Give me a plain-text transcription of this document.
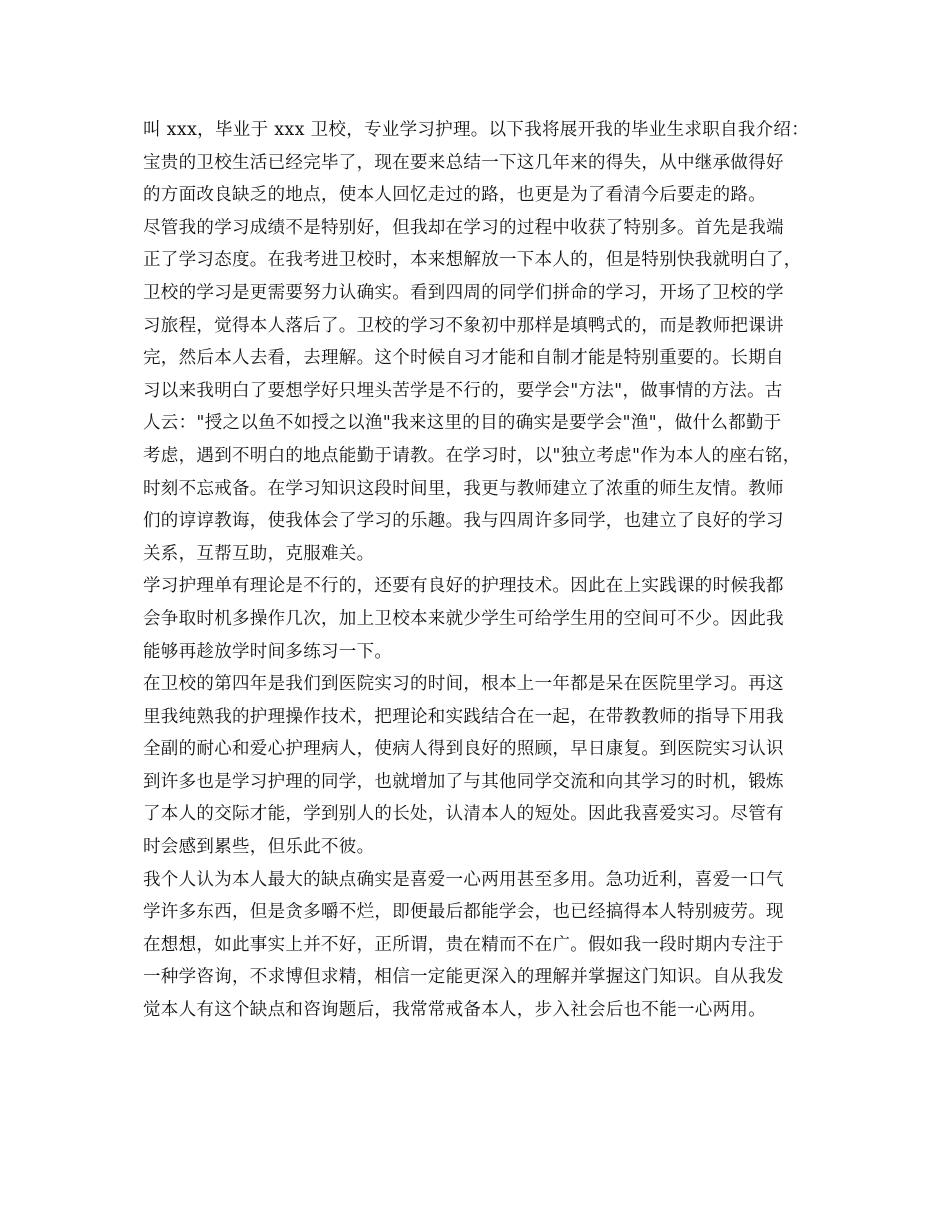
叫 xxx，毕业于 xxx 卫校，专业学习护理。以下我将展开我的毕业生求职自我介绍：
宝贵的卫校生活已经完毕了，现在要来总结一下这几年来的得失，从中继承做得好
的方面改良缺乏的地点，使本人回忆走过的路，也更是为了看清今后要走的路。
尽管我的学习成绩不是特别好，但我却在学习的过程中收获了特别多。首先是我端
正了学习态度。在我考进卫校时，本来想解放一下本人的，但是特别快我就明白了，
卫校的学习是更需要努力认确实。看到四周的同学们拼命的学习，开场了卫校的学
习旅程，觉得本人落后了。卫校的学习不象初中那样是填鸭式的，而是教师把课讲
完，然后本人去看，去理解。这个时候自习才能和自制才能是特别重要的。长期自
习以来我明白了要想学好只埋头苦学是不行的，要学会"方法"，做事情的方法。古
人云："授之以鱼不如授之以渔"我来这里的目的确实是要学会"渔"，做什么都勤于
考虑，遇到不明白的地点能勤于请教。在学习时，以"独立考虑"作为本人的座右铭，
时刻不忘戒备。在学习知识这段时间里，我更与教师建立了浓重的师生友情。教师
们的谆谆教诲，使我体会了学习的乐趣。我与四周许多同学，也建立了良好的学习
关系，互帮互助，克服难关。
学习护理单有理论是不行的，还要有良好的护理技术。因此在上实践课的时候我都
会争取时机多操作几次，加上卫校本来就少学生可给学生用的空间可不少。因此我
能够再趁放学时间多练习一下。
在卫校的第四年是我们到医院实习的时间，根本上一年都是呆在医院里学习。再这
里我纯熟我的护理操作技术，把理论和实践结合在一起，在带教教师的指导下用我
全副的耐心和爱心护理病人，使病人得到良好的照顾，早日康复。到医院实习认识
到许多也是学习护理的同学，也就增加了与其他同学交流和向其学习的时机，锻炼
了本人的交际才能，学到别人的长处，认清本人的短处。因此我喜爱实习。尽管有
时会感到累些，但乐此不彼。
我个人认为本人最大的缺点确实是喜爱一心两用甚至多用。急功近利，喜爱一口气
学许多东西，但是贪多嚼不烂，即便最后都能学会，也已经搞得本人特别疲劳。现
在想想，如此事实上并不好，正所谓，贵在精而不在广。假如我一段时期内专注于
一种学咨询，不求博但求精，相信一定能更深入的理解并掌握这门知识。自从我发
觉本人有这个缺点和咨询题后，我常常戒备本人，步入社会后也不能一心两用。
